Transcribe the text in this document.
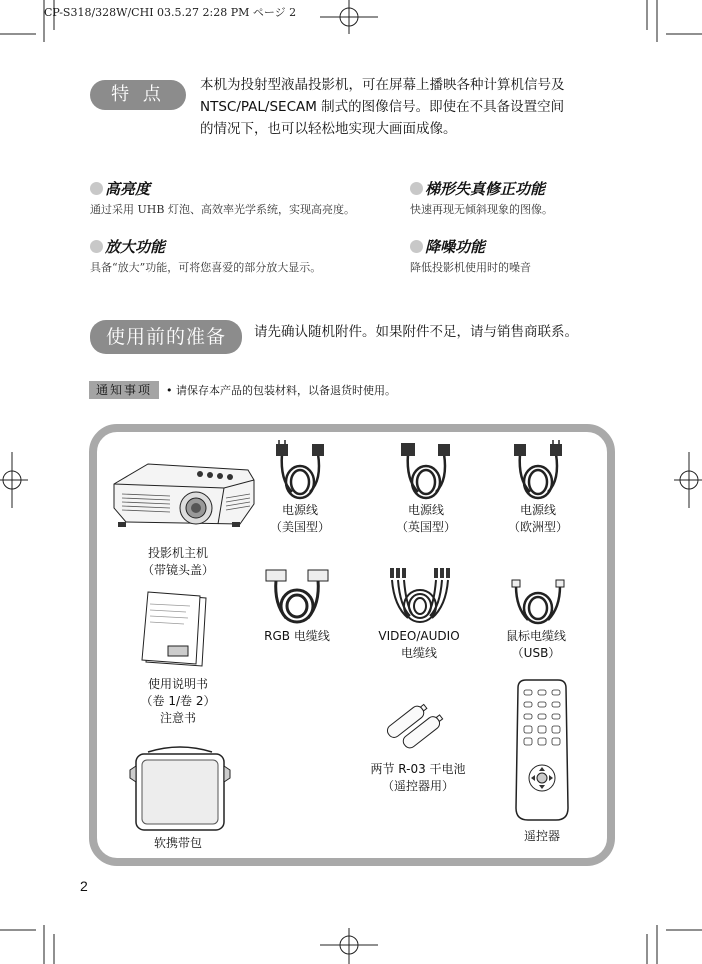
CP-S318/328W/CHI 03.5.27 2:28 PM ページ 2
特 点	本机为投射型液晶投影机，可在屏幕上播映各种计算机信号及
NTSC/PAL/SECAM 制式的图像信号。即使在不具备设置空间
的情况下，也可以轻松地实现大画面成像。
高亮度
通过采用 UHB 灯泡、高效率光学系统，实现高亮度。
梯形失真修正功能
快速再现无倾斜现象的图像。
放大功能
具备“放大”功能，可将您喜爱的部分放大显示。
降噪功能
降低投影机使用时的噪音
使用前的准备	请先确认随机附件。如果附件不足，请与销售商联系。
通知事项	• 请保存本产品的包装材料，以备退货时使用。
投影机主机
（带镜头盖）
电源线
（美国型）
电源线
（英国型）
电源线
（欧洲型）
RGB 电缆线	VIDEO/AUDIO
电缆线
鼠标电缆线
（USB）
使用说明书
（卷 1/卷 2）
注意书
两节 R-03 干电池
（遥控器用）
软携带包	遥控器
2
